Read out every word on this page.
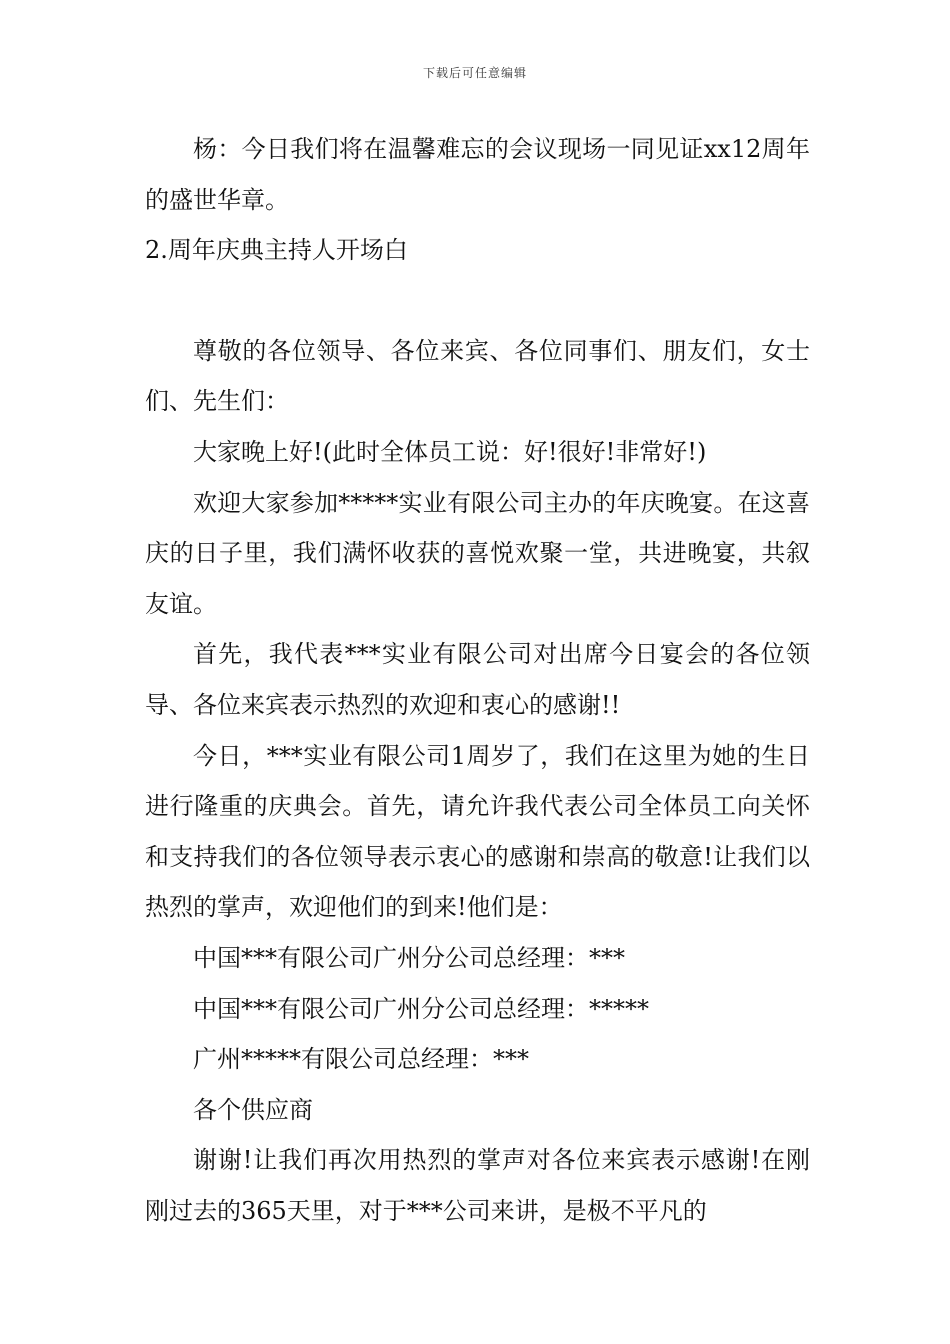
下载后可任意编辑

杨：今日我们将在温馨难忘的会议现场一同见证xx12周年的盛世华章。

2.周年庆典主持人开场白

尊敬的各位领导、各位来宾、各位同事们、朋友们，女士们、先生们：

大家晚上好!(此时全体员工说：好!很好!非常好!)

欢迎大家参加*****实业有限公司主办的年庆晚宴。在这喜庆的日子里，我们满怀收获的喜悦欢聚一堂，共进晚宴，共叙友谊。

首先，我代表***实业有限公司对出席今日宴会的各位领导、各位来宾表示热烈的欢迎和衷心的感谢!!

今日，***实业有限公司1周岁了，我们在这里为她的生日进行隆重的庆典会。首先，请允许我代表公司全体员工向关怀和支持我们的各位领导表示衷心的感谢和崇高的敬意!让我们以热烈的掌声，欢迎他们的到来!他们是：

中国***有限公司广州分公司总经理：***

中国***有限公司广州分公司总经理：*****

广州*****有限公司总经理：***

各个供应商

谢谢!让我们再次用热烈的掌声对各位来宾表示感谢!在刚刚过去的365天里，对于***公司来讲，是极不平凡的
